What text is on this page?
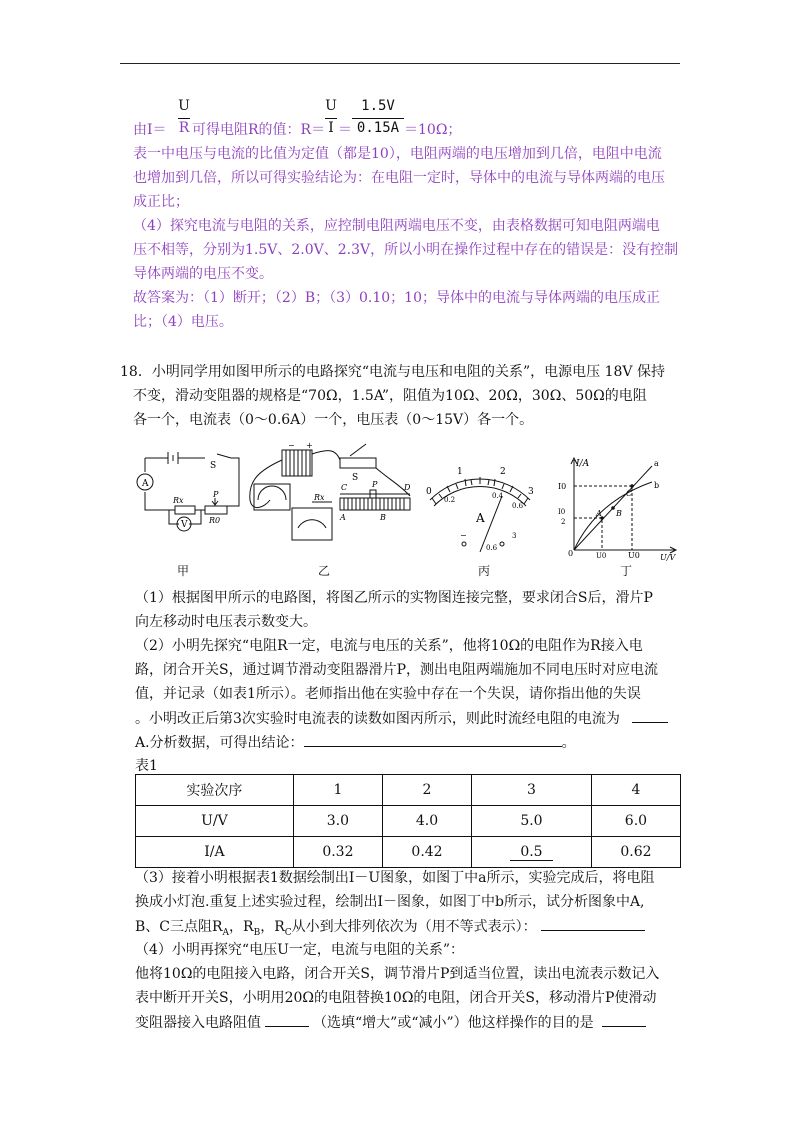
U
R
由I＝ 可得电阻R的值：R＝
U
I ＝
1.5V
0.15A ＝10Ω；
表一中电压与电流的比值为定值（都是10），电阻两端的电压增加到几倍，电阻中电流
也增加到几倍，所以可得实验结论为：在电阻一定时，导体中的电流与导体两端的电压
成正比；
（4）探究电流与电阻的关系，应控制电阻两端电压不变，由表格数据可知电阻两端电
压不相等，分别为1.5V、2.0V、2.3V，所以小明在操作过程中存在的错误是：没有控制
导体两端的电压不变。
故答案为：（1）断开；（2）B；（3）0.10；10；导体中的电流与导体两端的电压成正
比；（4）电压。
18．小明同学用如图甲所示的电路探究“电流与电压和电阻的关系”，电源电压 18V 保持
不变，滑动变阻器的规格是“70Ω，1.5A”，阻值为10Ω、20Ω，30Ω、50Ω的电阻
各一个，电流表（0～0.6A）一个，电压表（0～15V）各一个。
A
V
S
Rx
P
R0
+
−
S
Rx
C	P	D
A	B
0
1	2
3
0.2	0.4
0.6
A
−
0.6
3
I/A
U/V
I0
I0
2
U0	U0
0
a
b
A B
C
甲	乙	丙	丁
（1）根据图甲所示的电路图，将图乙所示的实物图连接完整，要求闭合S后，滑片P
向左移动时电压表示数变大。
（2）小明先探究“电阻R一定，电流与电压的关系”，他将10Ω的电阻作为R接入电
路，闭合开关S，通过调节滑动变阻器滑片P，测出电阻两端施加不同电压时对应电流
值，并记录（如表1所示）。老师指出他在实验中存在一个失误，请你指出他的失误
。小明改正后第3次实验时电流表的读数如图丙所示，则此时流经电阻的电流为
A.分析数据，可得出结论：	。
表1
实验次序	1	2	3	4
U/V	3.0	4.0	5.0	6.0
I/A	0.32	0.42	0.5	0.62
（3）接着小明根据表1数据绘制出I－U图象，如图丁中a所示，实验完成后，将电阻
换成小灯泡.重复上述实验过程，绘制出I－图象，如图丁中b所示，试分析图象中A,
B、C三点阻$R_A$，$R_B$，$R_C$从小到大排列依次为（用不等式表示）：
（4）小明再探究“电压U一定，电流与电阻的关系”：
他将10Ω的电阻接入电路，闭合开关S，调节滑片P到适当位置，读出电流表示数记入
表中断开开关S，小明用20Ω的电阻替换10Ω的电阻，闭合开关S，移动滑片P使滑动
变阻器接入电路阻值	（选填“增大”或“减小”）他这样操作的目的是
